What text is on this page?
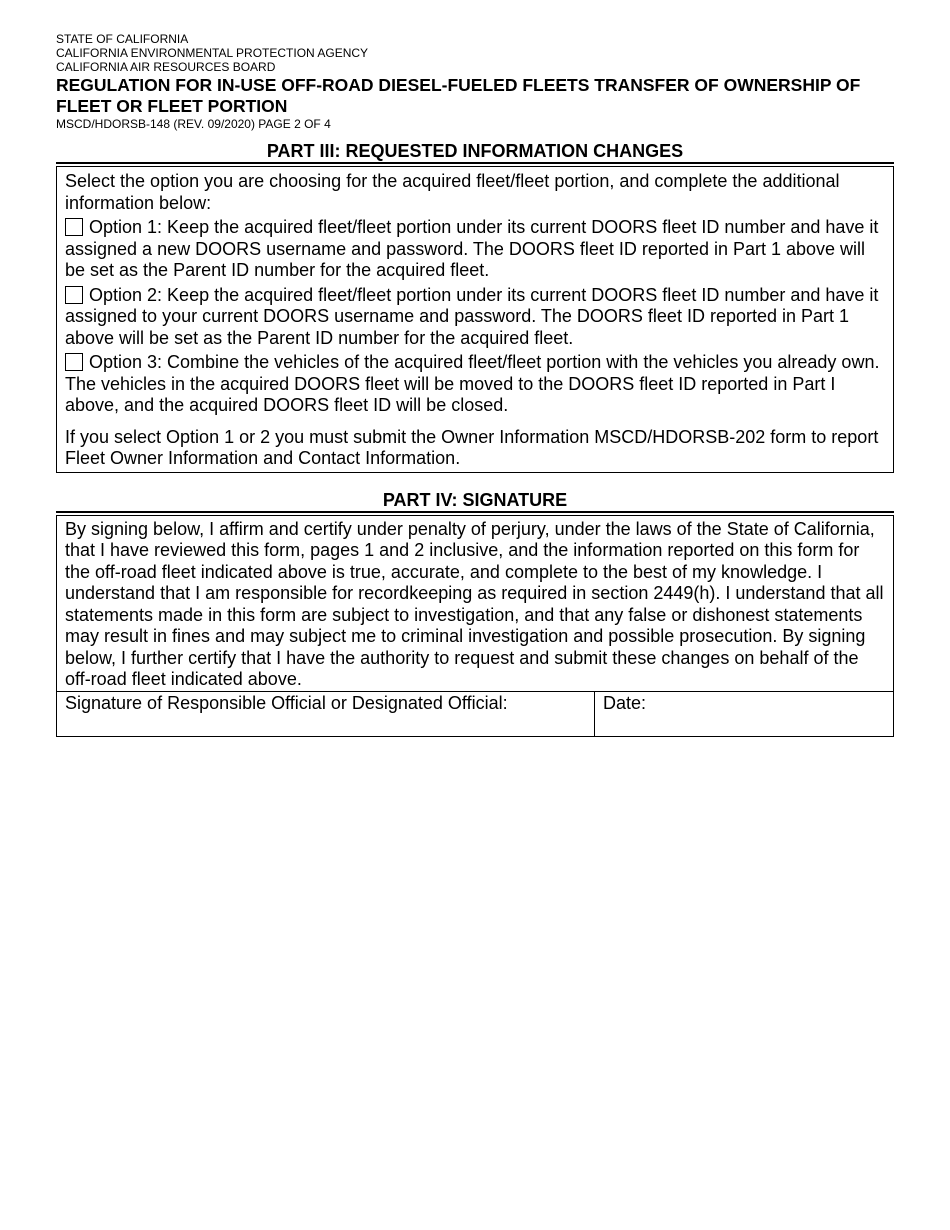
STATE OF CALIFORNIA
CALIFORNIA ENVIRONMENTAL PROTECTION AGENCY
CALIFORNIA AIR RESOURCES BOARD
REGULATION FOR IN-USE OFF-ROAD DIESEL-FUELED FLEETS TRANSFER OF OWNERSHIP OF FLEET OR FLEET PORTION
MSCD/HDORSB-148 (REV. 09/2020) PAGE 2 OF 4
PART III: REQUESTED INFORMATION CHANGES

Select the option you are choosing for the acquired fleet/fleet portion, and complete the additional information below:

Option 1: Keep the acquired fleet/fleet portion under its current DOORS fleet ID number and have it assigned a new DOORS username and password. The DOORS fleet ID reported in Part 1 above will be set as the Parent ID number for the acquired fleet.
Option 2: Keep the acquired fleet/fleet portion under its current DOORS fleet ID number and have it assigned to your current DOORS username and password. The DOORS fleet ID reported in Part 1 above will be set as the Parent ID number for the acquired fleet.
Option 3: Combine the vehicles of the acquired fleet/fleet portion with the vehicles you already own. The vehicles in the acquired DOORS fleet will be moved to the DOORS fleet ID reported in Part I above, and the acquired DOORS fleet ID will be closed.

If you select Option 1 or 2 you must submit the Owner Information MSCD/HDORSB-202 form to report Fleet Owner Information and Contact Information.

PART IV: SIGNATURE

By signing below, I affirm and certify under penalty of perjury, under the laws of the State of California, that I have reviewed this form, pages 1 and 2 inclusive, and the information reported on this form for the off-road fleet indicated above is true, accurate, and complete to the best of my knowledge. I understand that I am responsible for recordkeeping as required in section 2449(h). I understand that all statements made in this form are subject to investigation, and that any false or dishonest statements may result in fines and may subject me to criminal investigation and possible prosecution. By signing below, I further certify that I have the authority to request and submit these changes on behalf of the off-road fleet indicated above.

Signature of Responsible Official or Designated Official:	Date:
